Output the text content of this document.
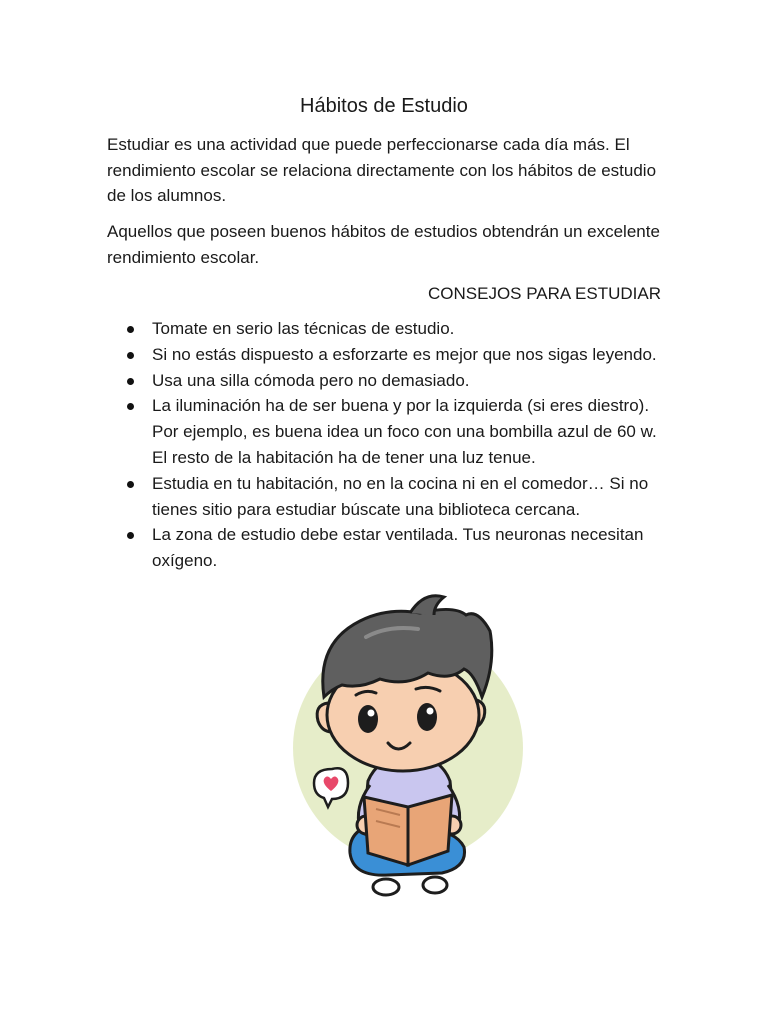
Hábitos de Estudio

Estudiar es una actividad que puede perfeccionarse cada día más. El rendimiento escolar se relaciona directamente con los hábitos de estudio de los alumnos.

Aquellos que poseen buenos hábitos de estudios obtendrán un excelente rendimiento escolar.

CONSEJOS PARA ESTUDIAR

Tomate en serio las técnicas de estudio.
Si no estás dispuesto a esforzarte es mejor que nos sigas leyendo.
Usa una silla cómoda pero no demasiado.
La iluminación ha de ser buena y por la izquierda (si eres diestro). Por ejemplo, es buena idea un foco con una bombilla azul de 60 w. El resto de la habitación ha de tener una luz tenue.
Estudia en tu habitación, no en la cocina ni en el comedor… Si no tienes sitio para estudiar búscate una biblioteca cercana.
La zona de estudio debe estar ventilada. Tus neuronas necesitan oxígeno.
